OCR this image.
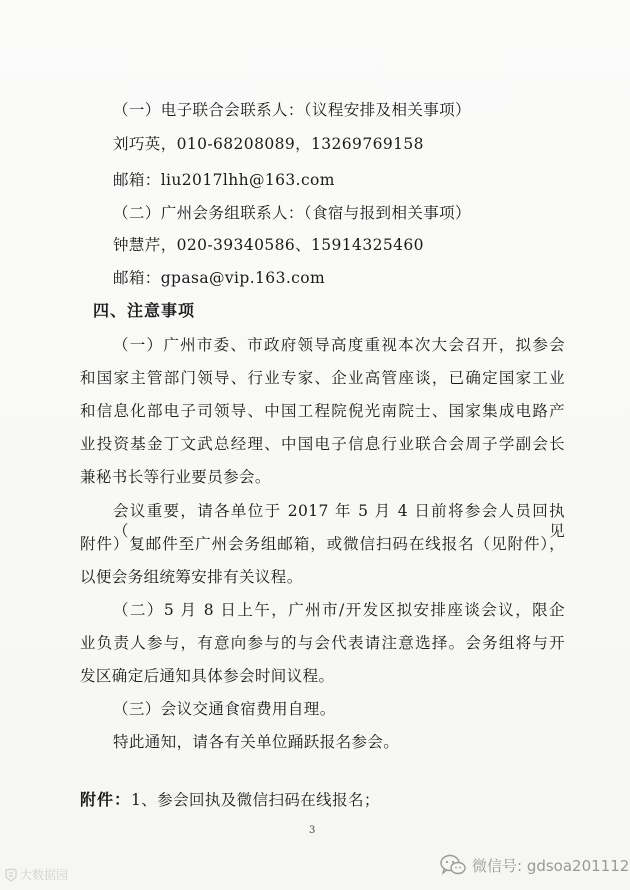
（一）电子联合会联系人：（议程安排及相关事项）
刘巧英，010-68208089，13269769158
邮箱：liu2017lhh@163.com
（二）广州会务组联系人：（食宿与报到相关事项）
钟慧芹，020-39340586、15914325460
邮箱：gpasa@vip.163.com
四、注意事项
（一）广州市委、市政府领导高度重视本次大会召开，拟参会
和国家主管部门领导、行业专家、企业高管座谈，已确定国家工业
和信息化部电子司领导、中国工程院倪光南院士、国家集成电路产
业投资基金丁文武总经理、中国电子信息行业联合会周子学副会长
兼秘书长等行业要员参会。
会议重要，请各单位于 2017 年 5 月 4 日前将参会人员回执（见
附件）复邮件至广州会务组邮箱，或微信扫码在线报名（见附件），
以便会务组统筹安排有关议程。
（二）5 月 8 日上午，广州市/开发区拟安排座谈会议，限企
业负责人参与，有意向参与的与会代表请注意选择。会务组将与开
发区确定后通知具体参会时间议程。
（三）会议交通食宿费用自理。
特此通知，请各有关单位踊跃报名参会。
附件：1、参会回执及微信扫码在线报名；
3
大数据园
微信号: gdsoa201112
